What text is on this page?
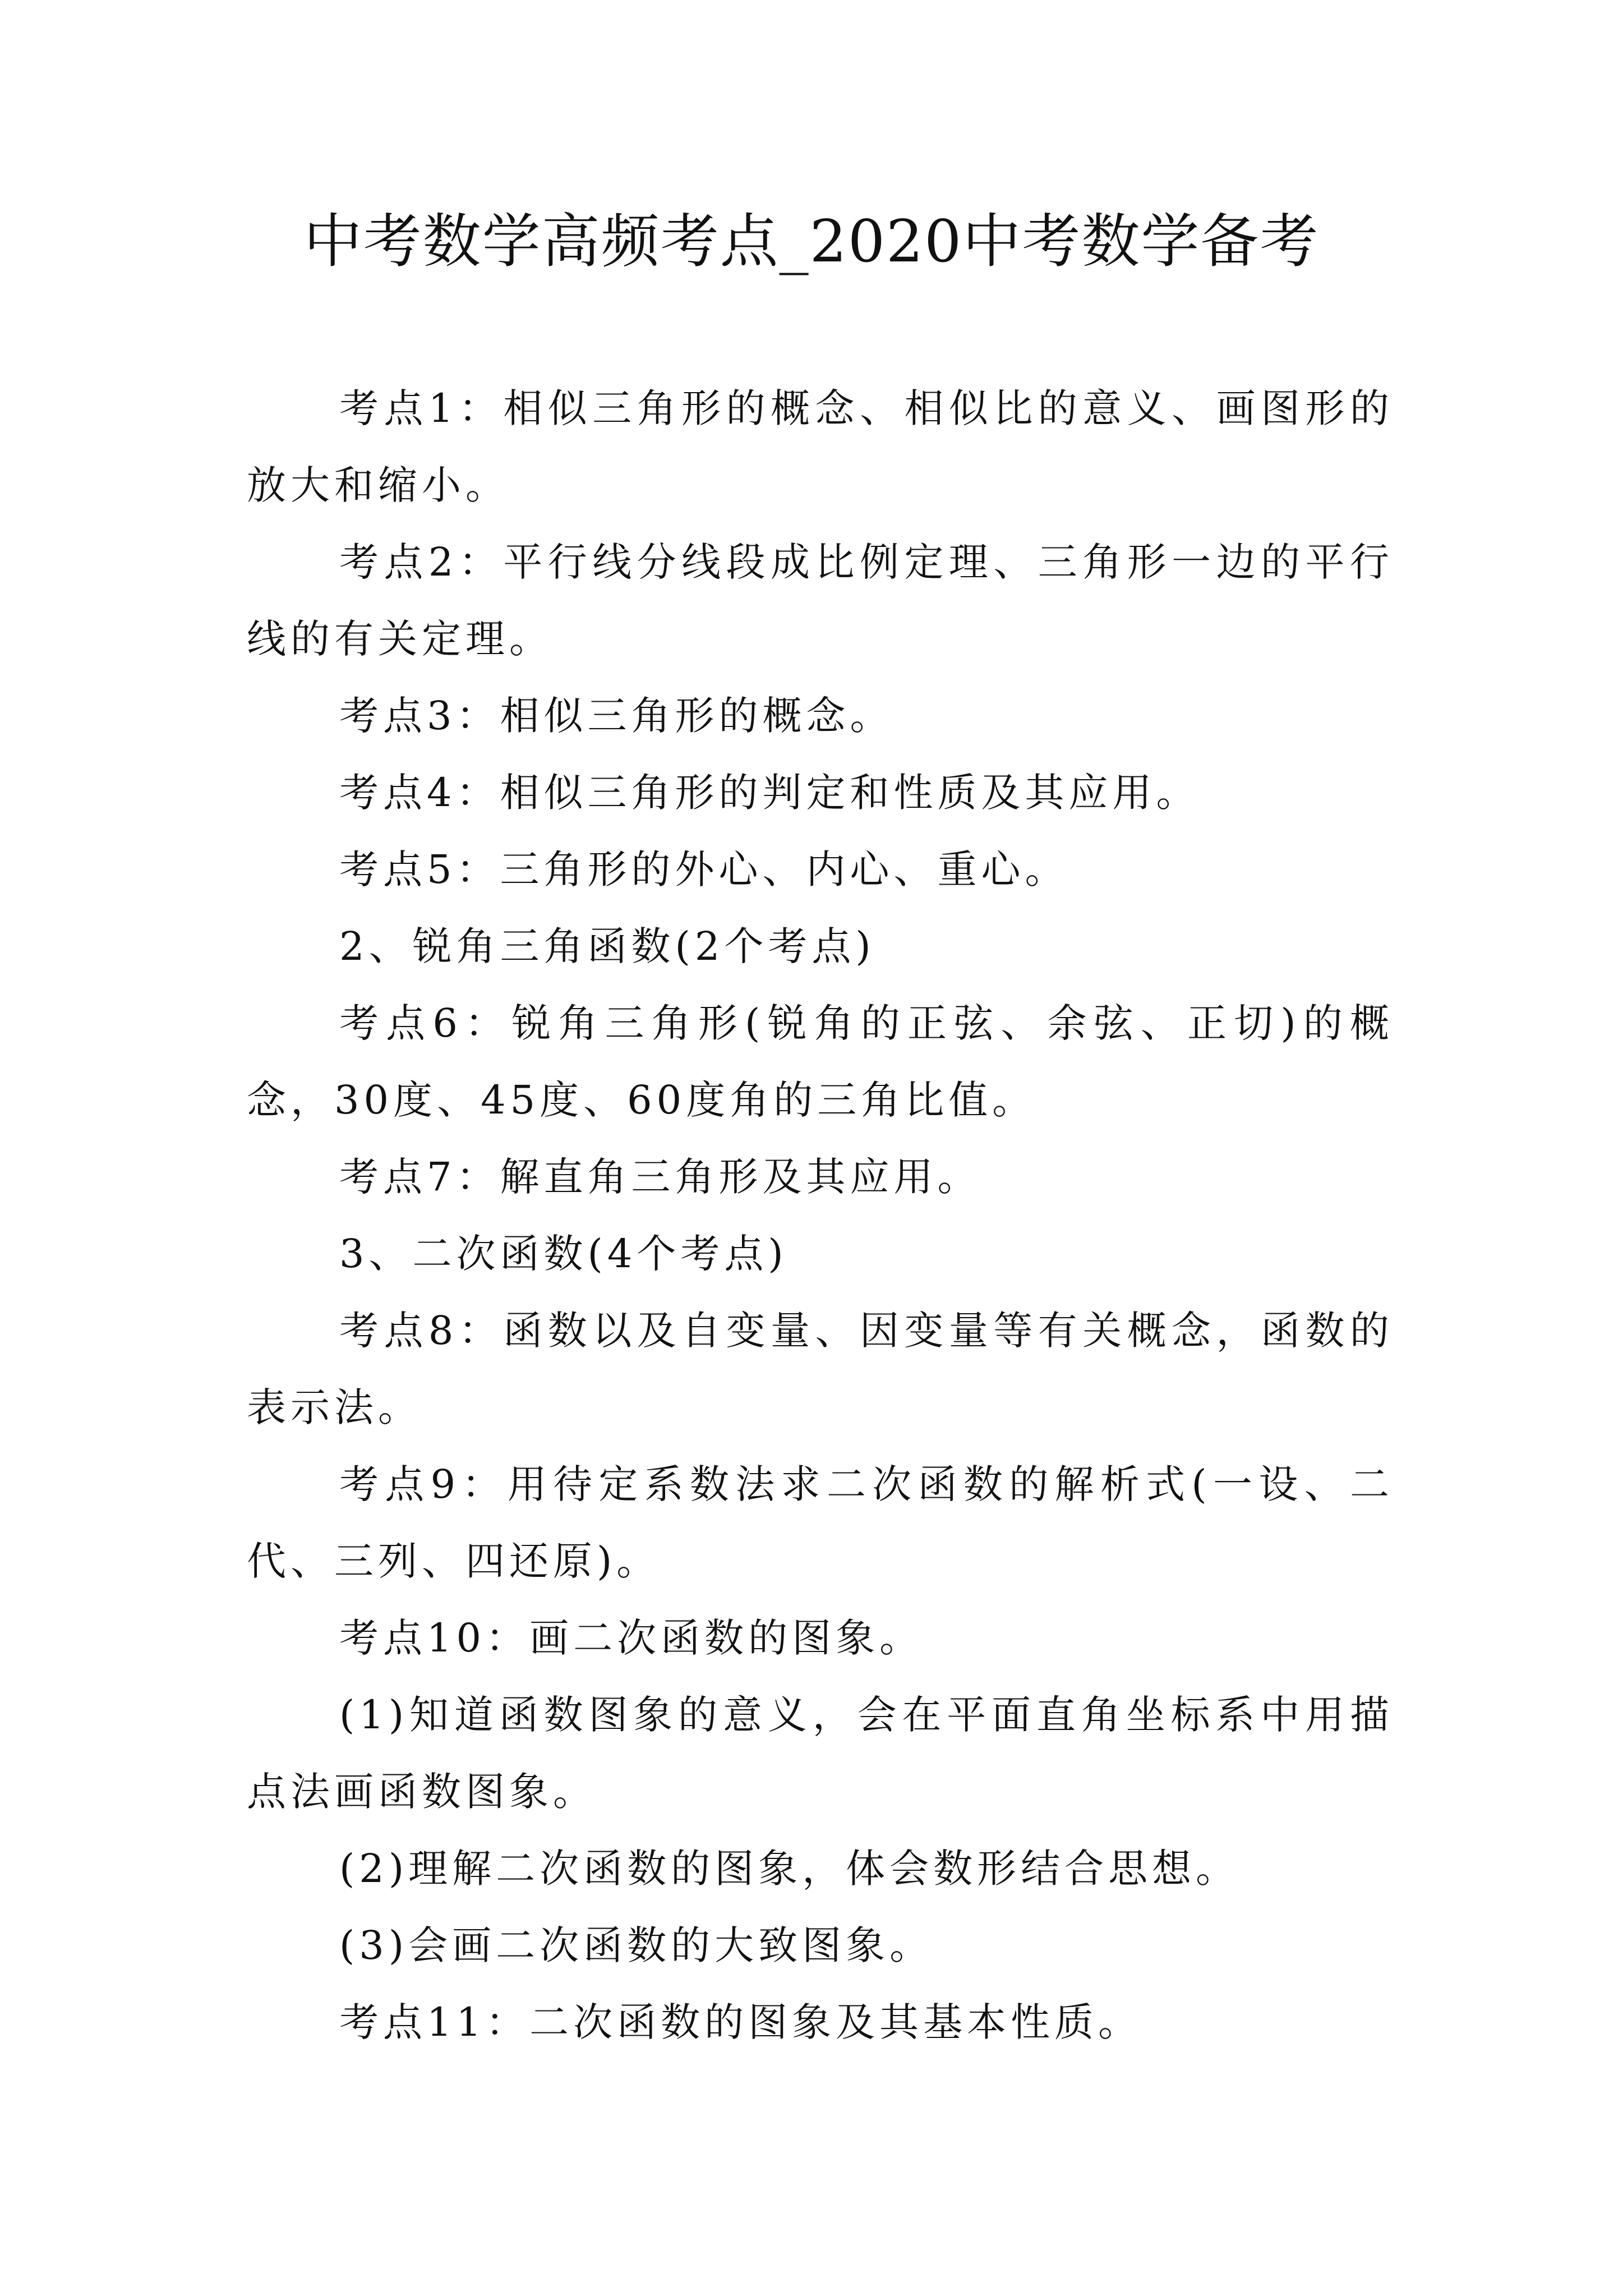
中考数学高频考点_2020中考数学备考

考点1：相似三角形的概念、相似比的意义、画图形的放大和缩小。

考点2：平行线分线段成比例定理、三角形一边的平行线的有关定理。

考点3：相似三角形的概念。

考点4：相似三角形的判定和性质及其应用。

考点5：三角形的外心、内心、重心。

2、锐角三角函数(2个考点)

考点6：锐角三角形(锐角的正弦、余弦、正切)的概念，30度、45度、60度角的三角比值。

考点7：解直角三角形及其应用。

3、二次函数(4个考点)

考点8：函数以及自变量、因变量等有关概念，函数的表示法。

考点9：用待定系数法求二次函数的解析式(一设、二代、三列、四还原)。

考点10：画二次函数的图象。

(1)知道函数图象的意义，会在平面直角坐标系中用描点法画函数图象。

(2)理解二次函数的图象，体会数形结合思想。

(3)会画二次函数的大致图象。

考点11：二次函数的图象及其基本性质。
